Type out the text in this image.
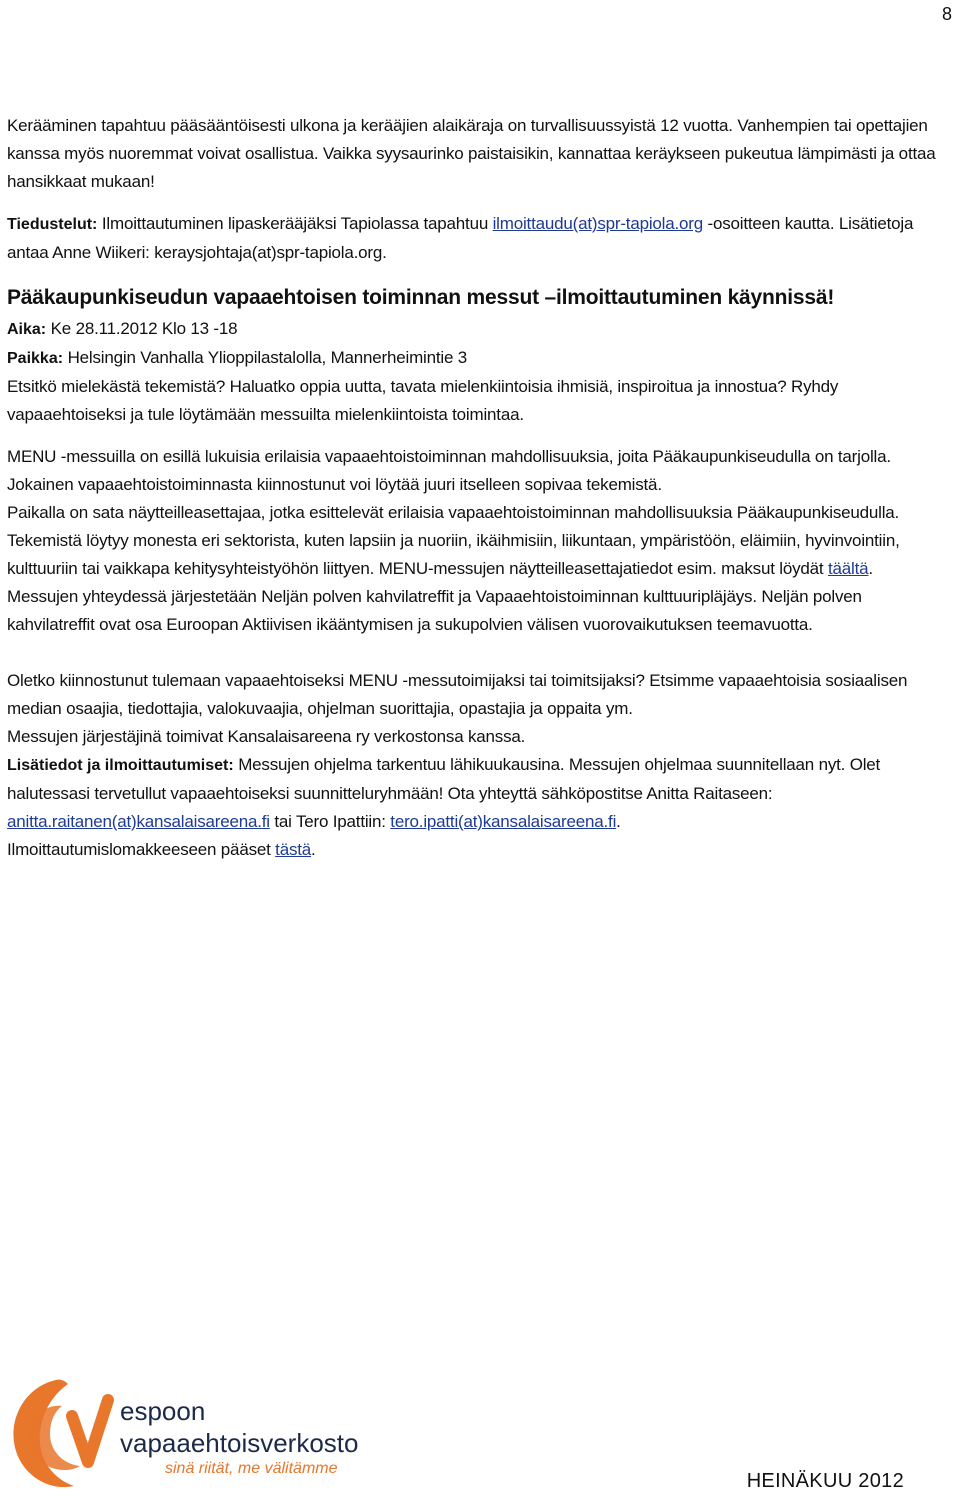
8

Kerääminen tapahtuu pääsääntöisesti ulkona ja kerääjien alaikäraja on turvallisuussyistä 12 vuotta. Vanhempien tai opettajien kanssa myös nuoremmat voivat osallistua. Vaikka syysaurinko paistaisikin, kannattaa keräykseen pukeutua lämpimästi ja ottaa hansikkaat mukaan!

Tiedustelut: Ilmoittautuminen lipaskerääjäksi Tapiolassa tapahtuu ilmoittaudu(at)spr-tapiola.org -osoitteen kautta. Lisätietoja antaa Anne Wiikeri: keraysjohtaja(at)spr-tapiola.org.

Pääkaupunkiseudun vapaaehtoisen toiminnan messut –ilmoittautuminen käynnissä!

Aika: Ke 28.11.2012 Klo 13 -18

Paikka: Helsingin Vanhalla Ylioppilastalolla, Mannerheimintie 3

Etsitkö mielekästä tekemistä? Haluatko oppia uutta, tavata mielenkiintoisia ihmisiä, inspiroitua ja innostua? Ryhdy vapaaehtoiseksi ja tule löytämään messuilta mielenkiintoista toimintaa.

MENU -messuilla on esillä lukuisia erilaisia vapaaehtoistoiminnan mahdollisuuksia, joita Pääkaupunkiseudulla on tarjolla. Jokainen vapaaehtoistoiminnasta kiinnostunut voi löytää juuri itselleen sopivaa tekemistä.

Paikalla on sata näytteilleasettajaa, jotka esittelevät erilaisia vapaaehtoistoiminnan mahdollisuuksia Pääkaupunkiseudulla. Tekemistä löytyy monesta eri sektorista, kuten lapsiin ja nuoriin, ikäihmisiin, liikuntaan, ympäristöön, eläimiin, hyvinvointiin, kulttuuriin tai vaikkapa kehitysyhteistyöhön liittyen. MENU-messujen näytteilleasettajatiedot esim. maksut löydät täältä.

Messujen yhteydessä järjestetään Neljän polven kahvilatreffit ja Vapaaehtoistoiminnan kulttuuripläjäys. Neljän polven kahvilatreffit ovat osa Euroopan Aktiivisen ikääntymisen ja sukupolvien välisen vuorovaikutuksen teemavuotta.

Oletko kiinnostunut tulemaan vapaaehtoiseksi MENU -messutoimijaksi tai toimitsijaksi? Etsimme vapaaehtoisia sosiaalisen median osaajia, tiedottajia, valokuvaajia, ohjelman suorittajia, opastajia ja oppaita ym.

Messujen järjestäjinä toimivat Kansalaisareena ry verkostonsa kanssa.

Lisätiedot ja ilmoittautumiset: Messujen ohjelma tarkentuu lähikuukausina. Messujen ohjelmaa suunnitellaan nyt. Olet halutessasi tervetullut vapaaehtoiseksi suunnitteluryhmään! Ota yhteyttä sähköpostitse Anitta Raitaseen: anitta.raitanen(at)kansalaisareena.fi tai Tero Ipattiin: tero.ipatti(at)kansalaisareena.fi.

Ilmoittautumislomakkeeseen pääset tästä.

espoon
vapaaehtoisverkosto
sinä riität, me välitämme
HEINÄKUU 2012
